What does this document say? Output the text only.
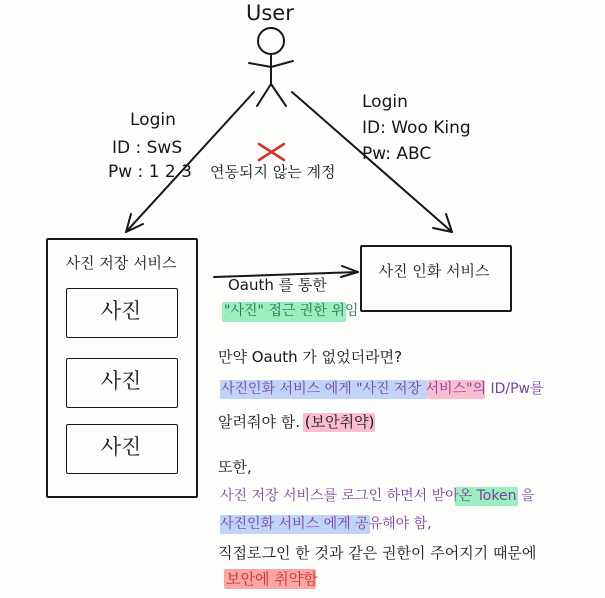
User
Login
ID : SwS
Pw : 1 2 3
Login
ID: Woo King
Pw: ABC
연동되지 않는 계정
사진 저장 서비스
사진
사진
사진
사진 인화 서비스
Oauth 를 통한
"사진" 접근 권한 위임
만약 Oauth 가 없었더라면?
사진인화 서비스 에게 "사진 저장 서비스"의 ID/Pw를
알려줘야 함. (보안취약)
또한,
사진 저장 서비스를 로그인 하면서 받아온 Token 을
사진인화 서비스 에게 공유해야 함,
직접로그인 한 것과 같은 권한이 주어지기 때문에
보안에 취약함
